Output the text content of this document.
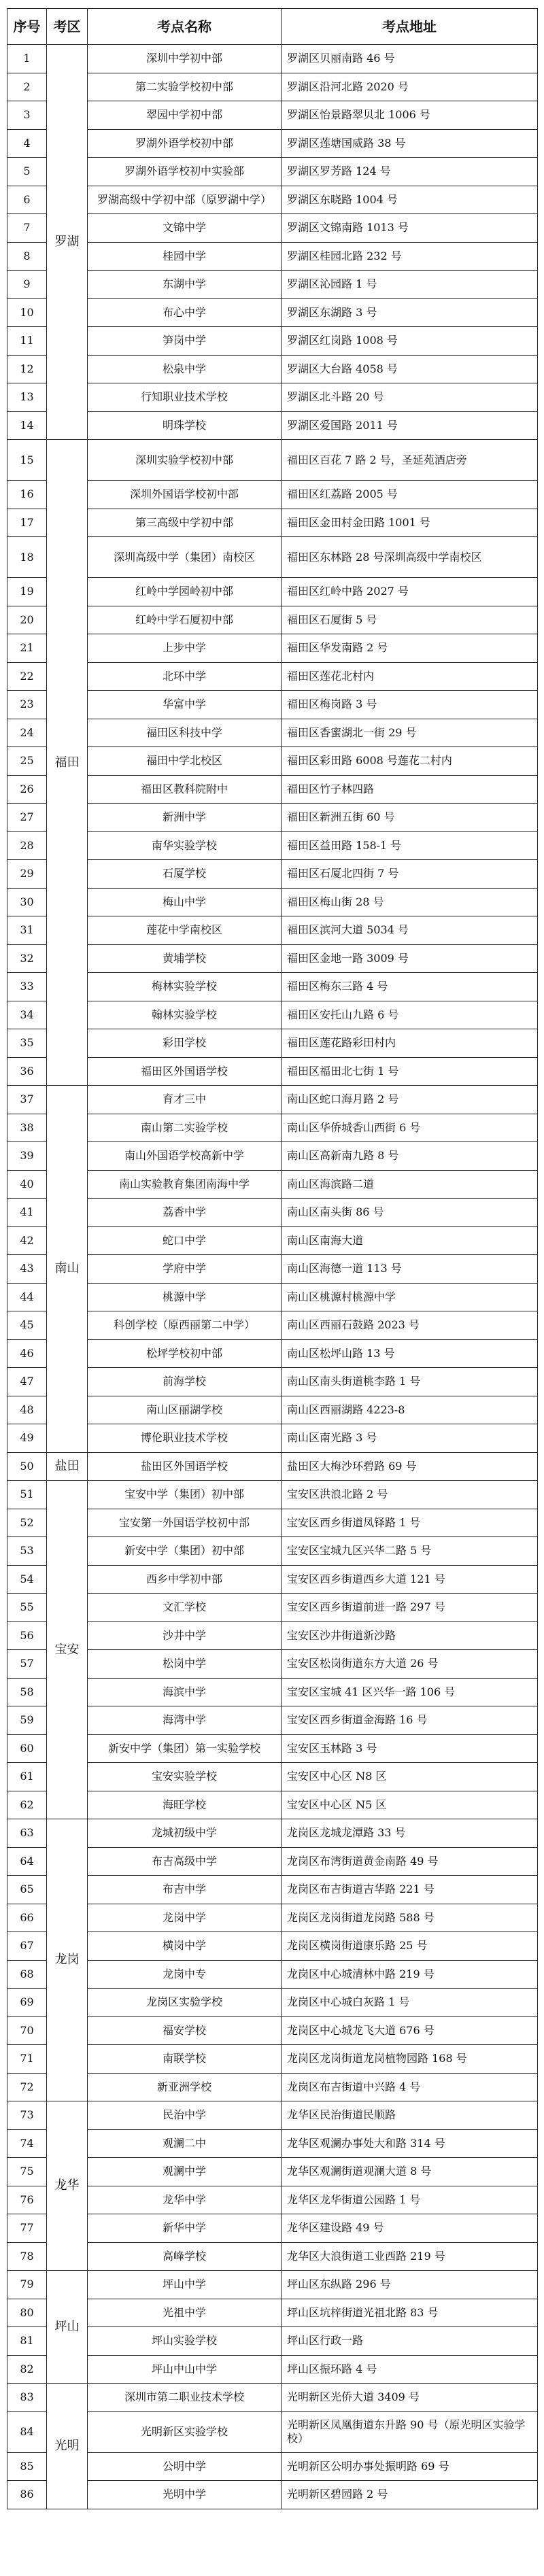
序号	考区	考点名称	考点地址
1	罗湖	深圳中学初中部	罗湖区贝丽南路 46 号
2		第二实验学校初中部	罗湖区沿河北路 2020 号
3		翠园中学初中部	罗湖区怡景路翠贝北 1006 号
4		罗湖外语学校初中部	罗湖区莲塘国威路 38 号
5		罗湖外语学校初中实验部	罗湖区罗芳路 124 号
6		罗湖高级中学初中部（原罗湖中学）	罗湖区东晓路 1004 号
7		文锦中学	罗湖区文锦南路 1013 号
8		桂园中学	罗湖区桂园北路 232 号
9		东湖中学	罗湖区沁园路 1 号
10		布心中学	罗湖区东湖路 3 号
11		笋岗中学	罗湖区红岗路 1008 号
12		松泉中学	罗湖区大台路 4058 号
13		行知职业技术学校	罗湖区北斗路 20 号
14		明珠学校	罗湖区爱国路 2011 号
15	福田	深圳实验学校初中部	福田区百花 7 路 2 号，圣延苑酒店旁
16		深圳外国语学校初中部	福田区红荔路 2005 号
17		第三高级中学初中部	福田区金田村金田路 1001 号
18		深圳高级中学（集团）南校区	福田区东林路 28 号深圳高级中学南校区
19		红岭中学园岭初中部	福田区红岭中路 2027 号
20		红岭中学石厦初中部	福田区石厦街 5 号
21		上步中学	福田区华发南路 2 号
22		北环中学	福田区莲花北村内
23		华富中学	福田区梅岗路 3 号
24		福田区科技中学	福田区香蜜湖北一街 29 号
25		福田中学北校区	福田区彩田路 6008 号莲花二村内
26		福田区教科院附中	福田区竹子林四路
27		新洲中学	福田区新洲五街 60 号
28		南华实验学校	福田区益田路 158-1 号
29		石厦学校	福田区石厦北四街 7 号
30		梅山中学	福田区梅山街 28 号
31		莲花中学南校区	福田区滨河大道 5034 号
32		黄埔学校	福田区金地一路 3009 号
33		梅林实验学校	福田区梅东三路 4 号
34		翰林实验学校	福田区安托山九路 6 号
35		彩田学校	福田区莲花路彩田村内
36		福田区外国语学校	福田区福田北七街 1 号
37	南山	育才三中	南山区蛇口海月路 2 号
38		南山第二实验学校	南山区华侨城香山西街 6 号
39		南山外国语学校高新中学	南山区高新南九路 8 号
40		南山实验教育集团南海中学	南山区海滨路二道
41		荔香中学	南山区南头街 86 号
42		蛇口中学	南山区南海大道
43		学府中学	南山区海德一道 113 号
44		桃源中学	南山区桃源村桃源中学
45		科创学校（原西丽第二中学）	南山区西丽石鼓路 2023 号
46		松坪学校初中部	南山区松坪山路 13 号
47		前海学校	南山区南头街道桃李路 1 号
48		南山区丽湖学校	南山区西丽湖路 4223-8
49		博伦职业技术学校	南山区南光路 3 号
50	盐田	盐田区外国语学校	盐田区大梅沙环碧路 69 号
51	宝安	宝安中学（集团）初中部	宝安区洪浪北路 2 号
52		宝安第一外国语学校初中部	宝安区西乡街道凤铎路 1 号
53		新安中学（集团）初中部	宝安区宝城九区兴华二路 5 号
54		西乡中学初中部	宝安区西乡街道西乡大道 121 号
55		文汇学校	宝安区西乡街道前进一路 297 号
56		沙井中学	宝安区沙井街道新沙路
57		松岗中学	宝安区松岗街道东方大道 26 号
58		海滨中学	宝安区宝城 41 区兴华一路 106 号
59		海湾中学	宝安区西乡街道金海路 16 号
60		新安中学（集团）第一实验学校	宝安区玉林路 3 号
61		宝安实验学校	宝安区中心区 N8 区
62		海旺学校	宝安区中心区 N5 区
63	龙岗	龙城初级中学	龙岗区龙城龙潭路 33 号
64		布吉高级中学	龙岗区布湾街道黄金南路 49 号
65		布吉中学	龙岗区布吉街道吉华路 221 号
66		龙岗中学	龙岗区龙岗街道龙岗路 588 号
67		横岗中学	龙岗区横岗街道康乐路 25 号
68		龙岗中专	龙岗区中心城清林中路 219 号
69		龙岗区实验学校	龙岗区中心城白灰路 1 号
70		福安学校	龙岗区中心城龙飞大道 676 号
71		南联学校	龙岗区龙岗街道龙岗植物园路 168 号
72		新亚洲学校	龙岗区布吉街道中兴路 4 号
73	龙华	民治中学	龙华区民治街道民顺路
74		观澜二中	龙华区观澜办事处大和路 314 号
75		观澜中学	龙华区观澜街道观澜大道 8 号
76		龙华中学	龙华区龙华街道公园路 1 号
77		新华中学	龙华区建设路 49 号
78		高峰学校	龙华区大浪街道工业西路 219 号
79	坪山	坪山中学	坪山区东纵路 296 号
80		光祖中学	坪山区坑梓街道光祖北路 83 号
81		坪山实验学校	坪山区行政一路
82		坪山中山中学	坪山区振环路 4 号
83	光明	深圳市第二职业技术学校	光明新区光侨大道 3409 号
84		光明新区实验学校	光明新区凤凰街道东升路 90 号（原光明区实验学校）
85		公明中学	光明新区公明办事处振明路 69 号
86		光明中学	光明新区碧园路 2 号
